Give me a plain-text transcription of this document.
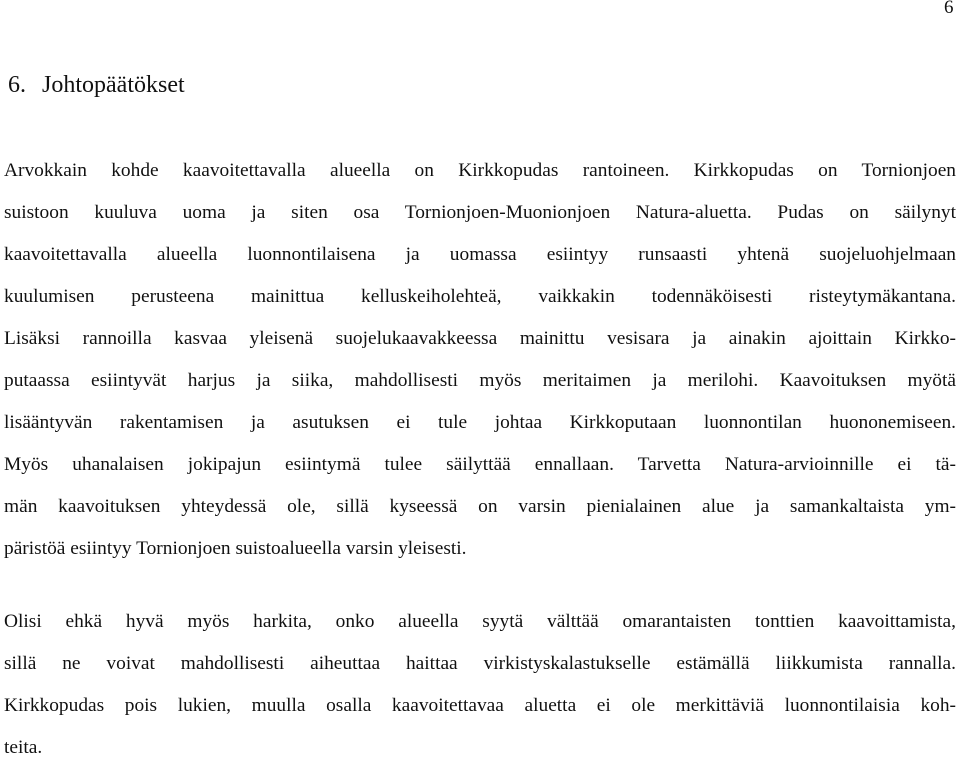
6
6. Johtopäätökset

Arvokkain kohde kaavoitettavalla alueella on Kirkkopudas rantoineen. Kirkkopudas on Tornionjoen
suistoon kuuluva uoma ja siten osa Tornionjoen-Muonionjoen Natura-aluetta. Pudas on säilynyt
kaavoitettavalla alueella luonnontilaisena ja uomassa esiintyy runsaasti yhtenä suojeluohjelmaan
kuulumisen perusteena mainittua kelluskeiholehteä, vaikkakin todennäköisesti risteytymäkantana.
Lisäksi rannoilla kasvaa yleisenä suojelukaavakkeessa mainittu vesisara ja ainakin ajoittain Kirkko-
putaassa esiintyvät harjus ja siika, mahdollisesti myös meritaimen ja merilohi. Kaavoituksen myötä
lisääntyvän rakentamisen ja asutuksen ei tule johtaa Kirkkoputaan luonnontilan huononemiseen.
Myös uhanalaisen jokipajun esiintymä tulee säilyttää ennallaan. Tarvetta Natura-arvioinnille ei tä-
män kaavoituksen yhteydessä ole, sillä kyseessä on varsin pienialainen alue ja samankaltaista ym-
päristöä esiintyy Tornionjoen suistoalueella varsin yleisesti.

Olisi ehkä hyvä myös harkita, onko alueella syytä välttää omarantaisten tonttien kaavoittamista,
sillä ne voivat mahdollisesti aiheuttaa haittaa virkistyskalastukselle estämällä liikkumista rannalla.
Kirkkopudas pois lukien, muulla osalla kaavoitettavaa aluetta ei ole merkittäviä luonnontilaisia koh-
teita.
